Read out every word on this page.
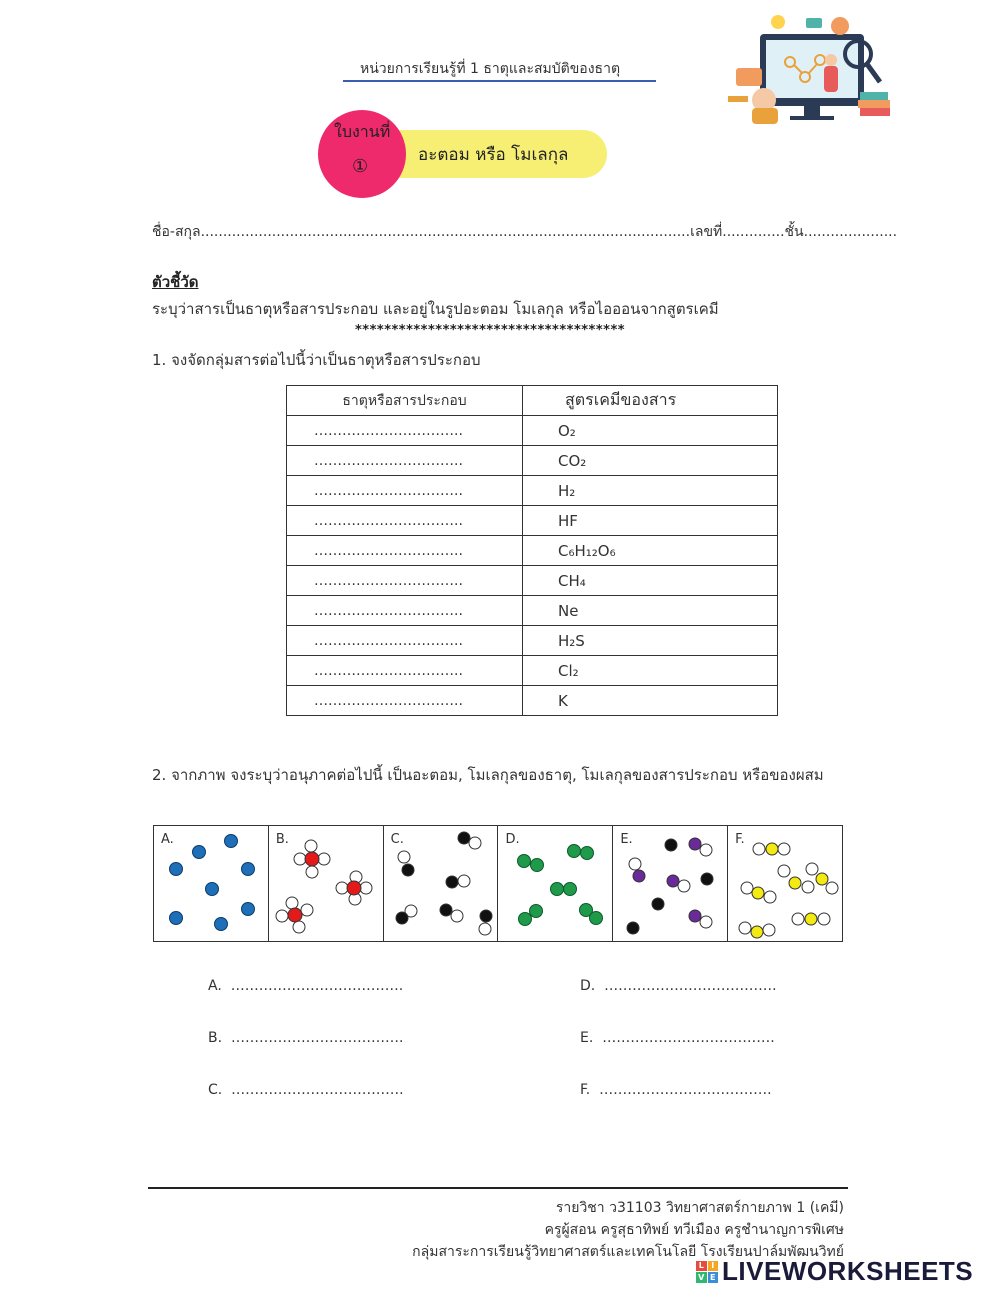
หน่วยการเรียนรู้ที่ 1 ธาตุและสมบัติของธาตุ
ใบงานที่
①
อะตอม หรือ โมเลกุล
ชื่อ-สกุล..............................................................................................................เลขที่..............ชั้น.....................
ตัวชี้วัด
ระบุว่าสารเป็นธาตุหรือสารประกอบ และอยู่ในรูปอะตอม โมเลกุล หรือไอออนจากสูตรเคมี
*************************************
1. จงจัดกลุ่มสารต่อไปนี้ว่าเป็นธาตุหรือสารประกอบ
ธาตุหรือสารประกอบ	สูตรเคมีของสาร
…………………………..	O₂
…………………………..	CO₂
…………………………..	H₂
…………………………..	HF
…………………………..	C₆H₁₂O₆
…………………………..	CH₄
…………………………..	Ne
…………………………..	H₂S
…………………………..	Cl₂
…………………………..	K
2. จากภาพ จงระบุว่าอนุภาคต่อไปนี้ เป็นอะตอม, โมเลกุลของธาตุ, โมเลกุลของสารประกอบ หรือของผสม
A.	B.	C.	D.	E.	F.
A. ……………………………….
B. ……………………………….
C. ……………………………….
D. ……………………………….
E. ……………………………….
F. ……………………………….
รายวิชา ว31103 วิทยาศาสตร์กายภาพ 1 (เคมี)
ครูผู้สอน ครูสุธาทิพย์ ทวีเมือง ครูชำนาญการพิเศษ
กลุ่มสาระการเรียนรู้วิทยาศาสตร์และเทคโนโลยี โรงเรียนปาล์มพัฒนวิทย์
L I
V E LIVEWORKSHEETS
